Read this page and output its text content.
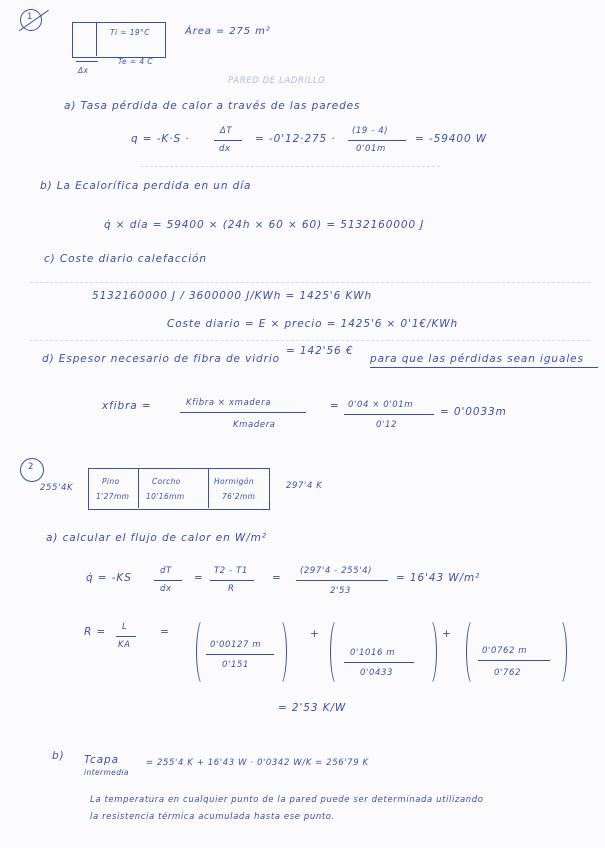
1
Ti = 19°C
Te = 4 C
Δx
Área = 275 m²
PARED DE LADRILLO
a) Tasa pérdida de calor a través de las paredes
q = -K·S ·
ΔT
dx
= -0'12·275 ·
(19 - 4)
0'01m
= -59400 W
b) La Ecalorífica perdida en un día
q̇ × día = 59400 × (24h × 60 × 60) = 5132160000 J
c) Coste diario calefacción
5132160000 J / 3600000 J/KWh = 1425'6 KWh
Coste diario = E × precio = 1425'6 × 0'1€/KWh
= 142'56 €
d) Espesor necesario de fibra de vidrio	para que las pérdidas sean iguales
xfibra =	Kfibra × xmadera
Kmadera
= 0'04 × 0'01m
0'12
= 0'0033m
2
255'4K
Pino
1'27mm
Corcho
10'16mm
Hormigón
76'2mm
297'4 K
a) calcular el flujo de calor en W/m²
q̇ = -KS
dT
dx
=
T2 - T1
R
=
(297'4 - 255'4)
2'53
= 16'43 W/m²
R = L
KA
=
0'00127 m
0'151
+
0'1016 m
0'0433
+
0'0762 m
0'762
= 2'53 K/W
b) Tcapa
intermedia
= 255'4 K + 16'43 W · 0'0342 W/K = 256'79 K
La temperatura en cualquier punto de la pared puede ser determinada utilizando
la resistencia térmica acumulada hasta ese punto.
